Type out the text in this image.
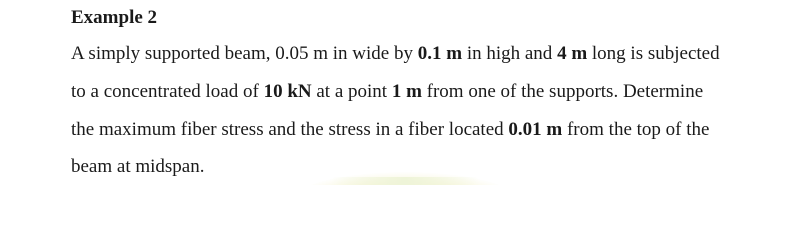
Example 2

A simply supported beam, 0.05 m in wide by 0.1 m in high and 4 m long is subjected

to a concentrated load of 10 kN at a point 1 m from one of the supports. Determine

the maximum fiber stress and the stress in a fiber located 0.01 m from the top of the

beam at midspan.
